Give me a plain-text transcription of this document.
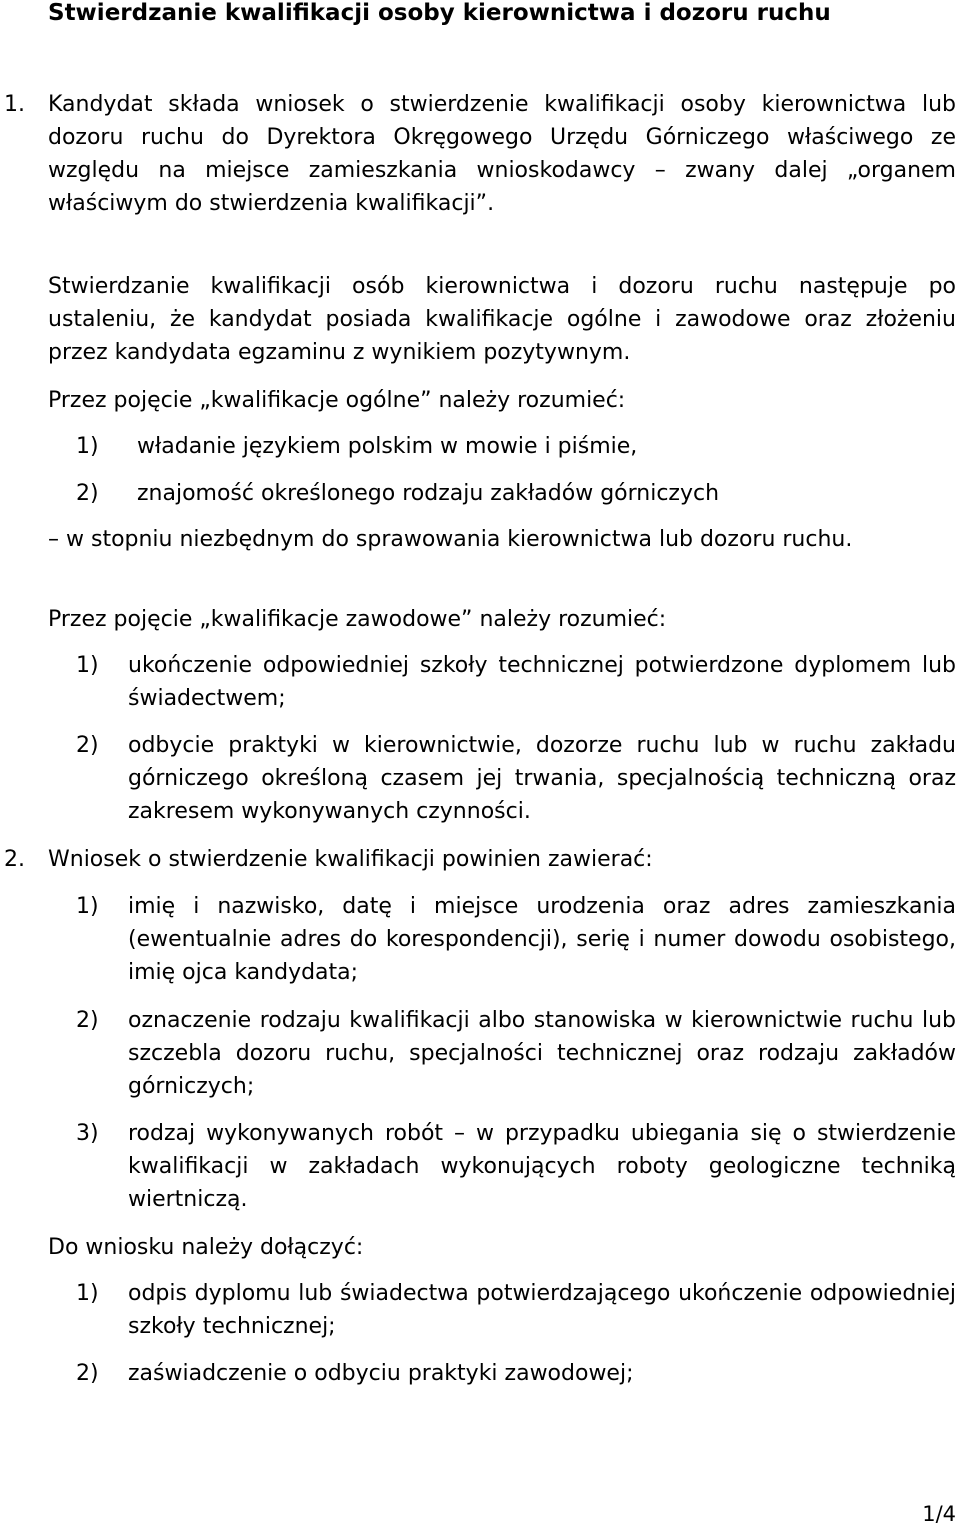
Stwierdzanie kwalifikacji osoby kierownictwa i dozoru ruchu
1. Kandydat składa wniosek o stwierdzenie kwalifikacji osoby kierownictwa lub dozoru ruchu do Dyrektora Okręgowego Urzędu Górniczego właściwego ze względu na miejsce zamieszkania wnioskodawcy – zwany dalej „organem właściwym do stwierdzenia kwalifikacji”.

Stwierdzanie kwalifikacji osób kierownictwa i dozoru ruchu następuje po ustaleniu, że kandydat posiada kwalifikacje ogólne i zawodowe oraz złożeniu przez kandydata egzaminu z wynikiem pozytywnym.

Przez pojęcie „kwalifikacje ogólne” należy rozumieć:

1) władanie językiem polskim w mowie i piśmie,

2) znajomość określonego rodzaju zakładów górniczych

– w stopniu niezbędnym do sprawowania kierownictwa lub dozoru ruchu.

Przez pojęcie „kwalifikacje zawodowe” należy rozumieć:

1) ukończenie odpowiedniej szkoły technicznej potwierdzone dyplomem lub świadectwem;

2) odbycie praktyki w kierownictwie, dozorze ruchu lub w ruchu zakładu górniczego określoną czasem jej trwania, specjalnością techniczną oraz zakresem wykonywanych czynności.

2. Wniosek o stwierdzenie kwalifikacji powinien zawierać:

1) imię i nazwisko, datę i miejsce urodzenia oraz adres zamieszkania (ewentualnie adres do korespondencji), serię i numer dowodu osobistego, imię ojca kandydata;

2) oznaczenie rodzaju kwalifikacji albo stanowiska w kierownictwie ruchu lub szczebla dozoru ruchu, specjalności technicznej oraz rodzaju zakładów górniczych;

3) rodzaj wykonywanych robót – w przypadku ubiegania się o stwierdzenie kwalifikacji w zakładach wykonujących roboty geologiczne techniką wiertniczą.

Do wniosku należy dołączyć:

1) odpis dyplomu lub świadectwa potwierdzającego ukończenie odpowiedniej szkoły technicznej;

2) zaświadczenie o odbyciu praktyki zawodowej;

1/4
